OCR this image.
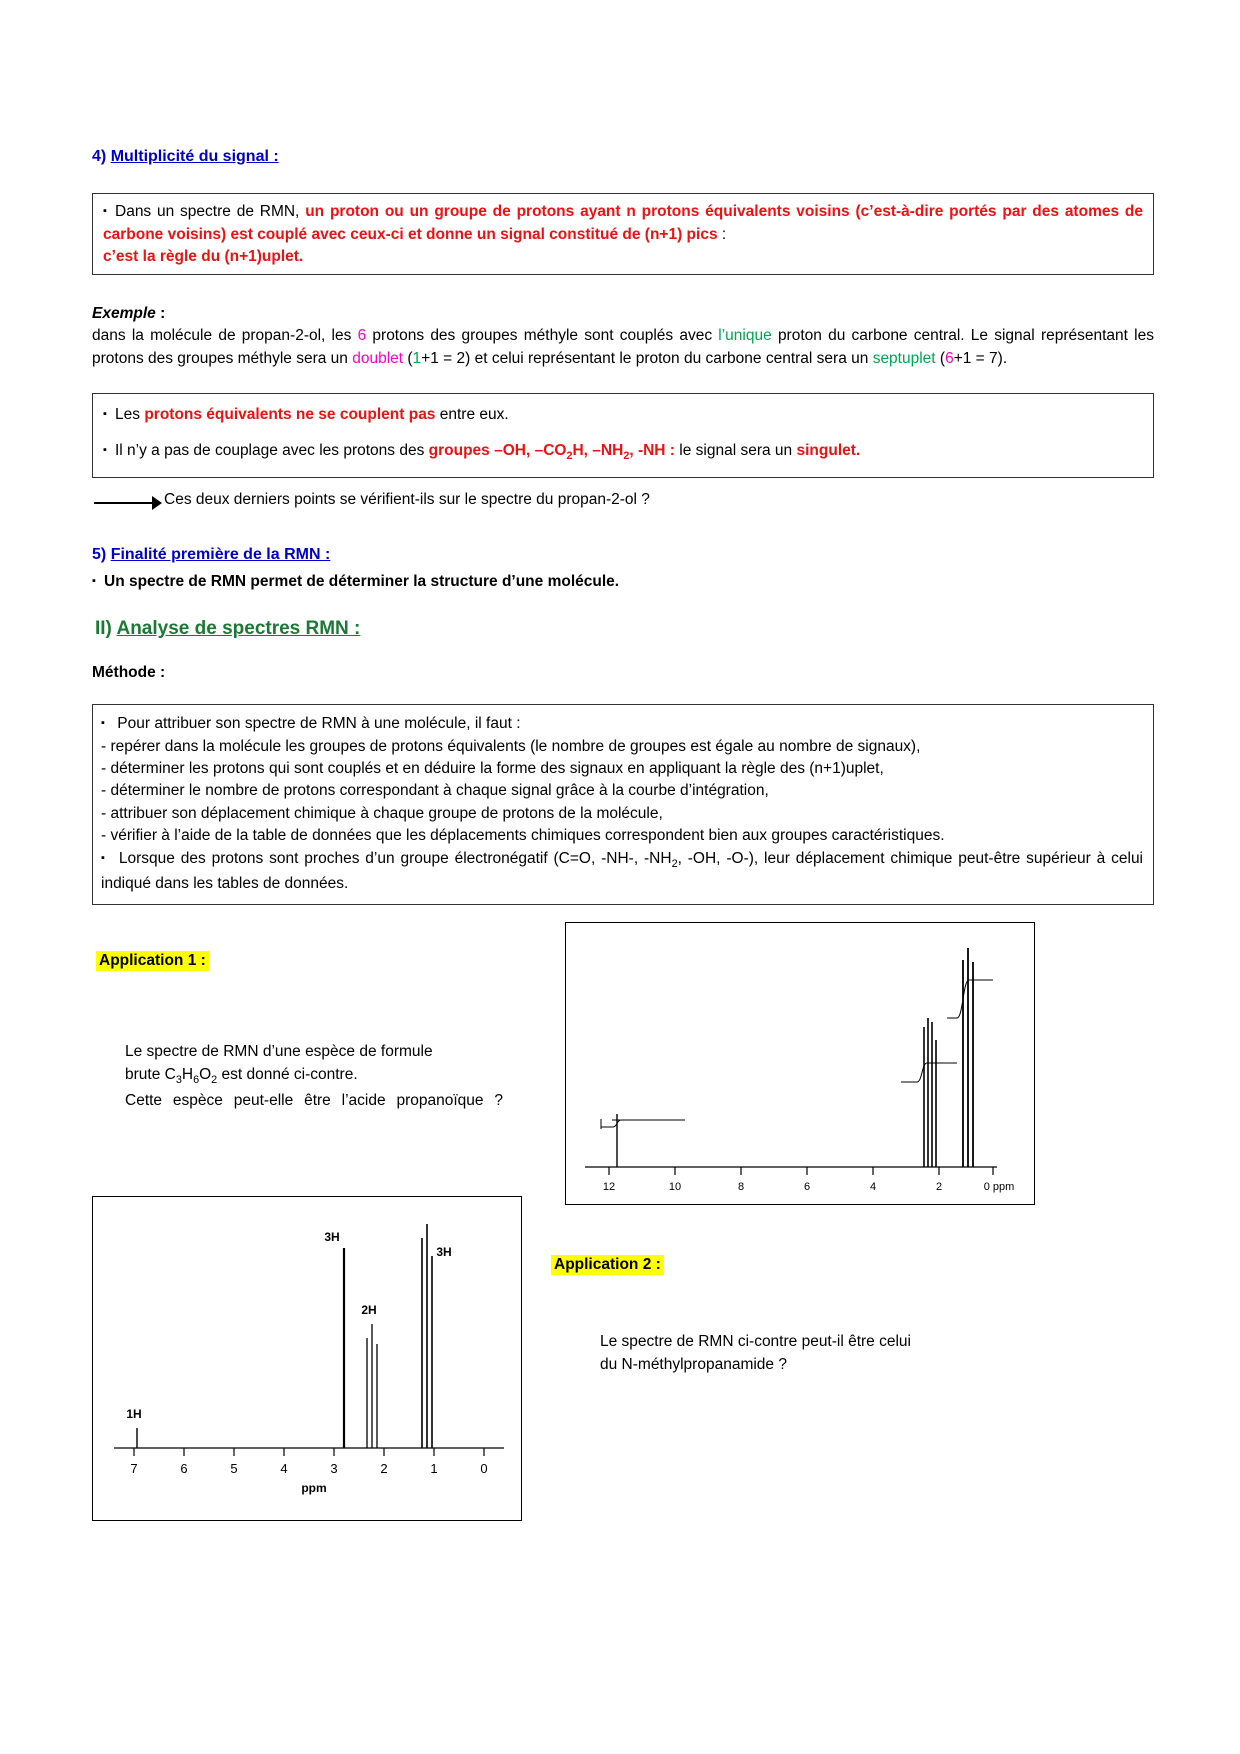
4) Multiplicité du signal :

▪ Dans un spectre de RMN, un proton ou un groupe de protons ayant n protons équivalents voisins (c’est-à-dire portés par des atomes de carbone voisins) est couplé avec ceux-ci et donne un signal constitué de (n+1) pics :

c’est la règle du (n+1)uplet.

Exemple :

dans la molécule de propan-2-ol, les 6 protons des groupes méthyle sont couplés avec l’unique proton du carbone central. Le signal représentant les protons des groupes méthyle sera un doublet (1+1 = 2) et celui représentant le proton du carbone central sera un septuplet (6+1 = 7).

▪ Les protons équivalents ne se couplent pas entre eux.

▪ Il n’y a pas de couplage avec les protons des groupes –OH, $-CO_2H$, $-NH_2$, -NH : le signal sera un singulet.

Ces deux derniers points se vérifient-ils sur le spectre du propan-2-ol ?
5) Finalité première de la RMN :

▪ Un spectre de RMN permet de déterminer la structure d’une molécule.

II) Analyse de spectres RMN :
Méthode :

▪ Pour attribuer son spectre de RMN à une molécule, il faut :

- repérer dans la molécule les groupes de protons équivalents (le nombre de groupes est égale au nombre de signaux),

- déterminer les protons qui sont couplés et en déduire la forme des signaux en appliquant la règle des (n+1)uplet,

- déterminer le nombre de protons correspondant à chaque signal grâce à la courbe d’intégration,

- attribuer son déplacement chimique à chaque groupe de protons de la molécule,

- vérifier à l’aide de la table de données que les déplacements chimiques correspondent bien aux groupes caractéristiques.

▪ Lorsque des protons sont proches d’un groupe électronégatif (C=O, -NH-, $-NH_2$, -OH, -O-), leur déplacement chimique peut-être supérieur à celui indiqué dans les tables de données.

Application 1 :
Le spectre de RMN d’une espèce de formule
brute $C_3H_6O_2$ est donné ci-contre.
Cette espèce peut-elle être l’acide propanoïque ?
12	10	8	6	4	2	0 ppm
Application 2 :
Le spectre de RMN ci-contre peut-il être celui
du N-méthylpropanamide ?
7	6	5	4	3	2	1	0
ppm
1H
3H
2H
3H
